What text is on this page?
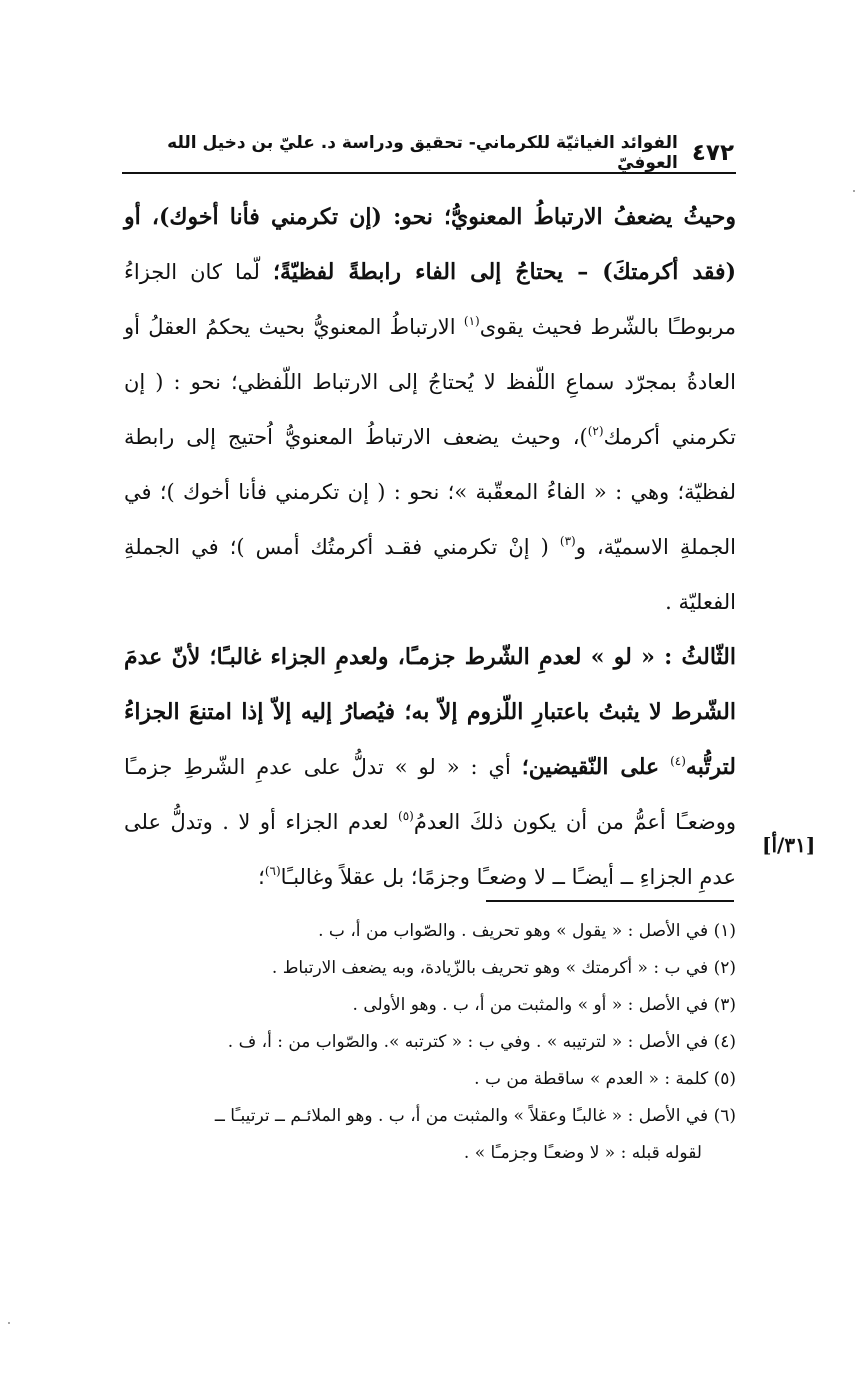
٤٧٢
الفوائد الغياثيّة للكرماني- تحقيق ودراسة د. عليّ بن دخيل الله العوفيّ

وحيثُ يضعفُ الارتباطُ المعنويُّ؛ نحو: (إن تكرمني فأنا أخوك)، أو (فقد أكرمتكَ) – يحتاجُ إلى الفاء رابطةً لفظيّةً؛ لّما كان الجزاءُ مربوطـًا بالشّرط فحيث يقوى$^{(١)}$ الارتباطُ المعنويُّ بحيث يحكمُ العقلُ أو العادةُ بمجرّد سماعِ اللّفظ لا يُحتاجُ إلى الارتباط اللّفظي؛ نحو : ( إن تكرمني أكرمك$^{(٢)}$)، وحيث يضعف الارتباطُ المعنويُّ اُحتيج إلى رابطة لفظيّة؛ وهي : « الفاءُ المعقّبة »؛ نحو : ( إن تكرمني فأنا أخوك )؛ في الجملةِ الاسميّة، و$^{(٣)}$ ( إنْ تكرمني فقـد أكرمتُك أمس )؛ في الجملةِ الفعليّة .

الثّالثُ : « لو » لعدمِ الشّرط جزمـًا، ولعدمِ الجزاء غالبـًا؛ لأنّ عدمَ الشّرط لا يثبتُ باعتبارِ اللّزوم إلاّ به؛ فيُصارُ إليه إلاّ إذا امتنعَ الجزاءُ لترتُّبه$^{(٤)}$ على النّقيضين؛ أي : « لو » تدلُّ على عدمِ الشّرطِ جزمـًا ووضعـًا أعمُّ من أن يكون ذلكَ العدمُ$^{(٥)}$ لعدم الجزاء أو لا . وتدلُّ على عدمِ الجزاءِ ــ أيضـًا ــ لا وضعـًا وجزمًا؛ بل عقلاً وغالبـًا$^{(٦)}$؛

[٣١/أ]

(١) في الأصل : « يقول » وهو تحريف . والصّواب من أ، ب .

(٢) في ب : « أكرمتك » وهو تحريف بالزّيادة، وبه يضعف الارتباط .

(٣) في الأصل : « أو » والمثبت من أ، ب . وهو الأولى .

(٤) في الأصل : « لترتيبه » . وفي ب : « كترتبه ». والصّواب من : أ، ف .

(٥) كلمة : « العدم » ساقطة من ب .

(٦) في الأصل : « غالبـًا وعقلاً » والمثبت من أ، ب . وهو الملائـم ــ ترتيبـًا ــ

لقوله قبله : « لا وضعـًا وجزمـًا » .
